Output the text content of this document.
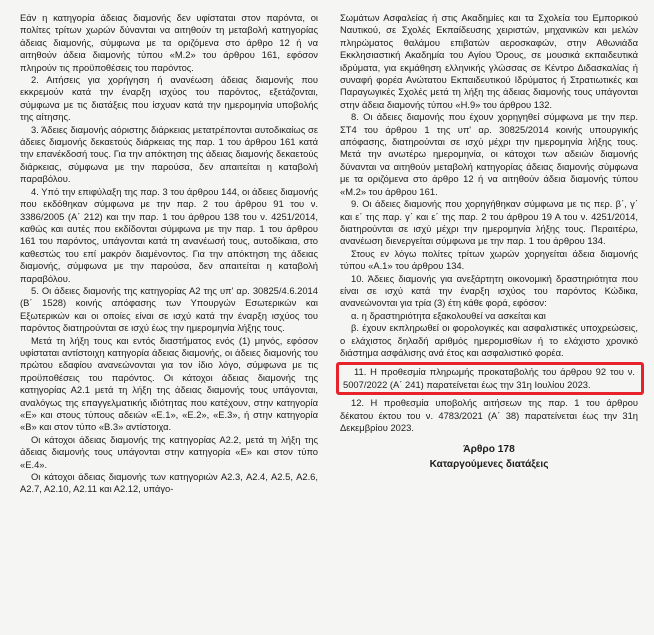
Εάν η κατηγορία άδειας διαμονής δεν υφίσταται στον παρόντα, οι πολίτες τρίτων χωρών δύνανται να αιτηθούν τη μεταβολή κατηγορίας άδειας διαμονής, σύμφωνα με τα οριζόμενα στο άρθρο 12 ή να αιτηθούν άδεια διαμονής τύπου «Μ.2» του άρθρου 161, εφόσον πληρούν τις προϋποθέσεις του παρόντος.

2. Αιτήσεις για χορήγηση ή ανανέωση άδειας διαμονής που εκκρεμούν κατά την έναρξη ισχύος του παρόντος, εξετάζονται, σύμφωνα με τις διατάξεις που ίσχυαν κατά την ημερομηνία υποβολής της αίτησης.

3. Άδειες διαμονής αόριστης διάρκειας μετατρέπονται αυτοδικαίως σε άδειες διαμονής δεκαετούς διάρκειας της παρ. 1 του άρθρου 161 κατά την επανέκδοσή τους. Για την απόκτηση της άδειας διαμονής δεκαετούς διάρκειας, σύμφωνα με την παρούσα, δεν απαιτείται η καταβολή παραβόλου.

4. Υπό την επιφύλαξη της παρ. 3 του άρθρου 144, οι άδειες διαμονής που εκδόθηκαν σύμφωνα με την παρ. 2 του άρθρου 91 του ν. 3386/2005 (Α΄ 212) και την παρ. 1 του άρθρου 138 του ν. 4251/2014, καθώς και αυτές που εκδίδονται σύμφωνα με την παρ. 1 του άρθρου 161 του παρόντος, υπάγονται κατά τη ανανέωσή τους, αυτοδίκαια, στο καθεστώς του επί μακρόν διαμένοντος. Για την απόκτηση της άδειας διαμονής, σύμφωνα με την παρούσα, δεν απαιτείται η καταβολή παραβόλου.

5. Οι άδειες διαμονής της κατηγορίας Α2 της υπ' αρ. 30825/4.6.2014 (Β΄ 1528) κοινής απόφασης των Υπουργών Εσωτερικών και Εξωτερικών και οι οποίες είναι σε ισχύ κατά την έναρξη ισχύος του παρόντος διατηρούνται σε ισχύ έως την ημερομηνία λήξης τους.

Μετά τη λήξη τους και εντός διαστήματος ενός (1) μηνός, εφόσον υφίσταται αντίστοιχη κατηγορία άδειας διαμονής, οι άδειες διαμονής του πρώτου εδαφίου ανανεώνονται για τον ίδιο λόγο, σύμφωνα με τις προϋποθέσεις του παρόντος. Οι κάτοχοι άδειας διαμονής της κατηγορίας Α2.1 μετά τη λήξη της άδειας διαμονής τους υπάγονται, αναλόγως της επαγγελματικής ιδιότητας που κατέχουν, στην κατηγορία «Ε» και στους τύπους αδειών «Ε.1», «Ε.2», «Ε.3», ή στην κατηγορία «Β» και στον τύπο «Β.3» αντίστοιχα.

Οι κάτοχοι άδειας διαμονής της κατηγορίας Α2.2, μετά τη λήξη της άδειας διαμονής τους υπάγονται στην κατηγορία «Ε» και στον τύπο «Ε.4».

Οι κάτοχοι άδειας διαμονής των κατηγοριών Α2.3, Α2.4, Α2.5, Α2.6, Α2.7, Α2.10, Α2.11 και Α2.12, υπάγο-

Σωμάτων Ασφαλείας ή στις Ακαδημίες και τα Σχολεία του Εμπορικού Ναυτικού, σε Σχολές Εκπαίδευσης χειριστών, μηχανικών και μελών πληρώματος θαλάμου επιβατών αεροσκαφών, στην Αθωνιάδα Εκκλησιαστική Ακαδημία του Αγίου Όρους, σε μουσικά εκπαιδευτικά ιδρύματα, για εκμάθηση ελληνικής γλώσσας σε Κέντρο Διδασκαλίας ή συναφή φορέα Ανώτατου Εκπαιδευτικού Ιδρύματος ή Στρατιωτικές και Παραγωγικές Σχολές μετά τη λήξη της άδειας διαμονής τους υπάγονται στην άδεια διαμονής τύπου «Η.9» του άρθρου 132.

8. Οι άδειες διαμονής που έχουν χορηγηθεί σύμφωνα με την περ. ΣΤ4 του άρθρου 1 της υπ' αρ. 30825/2014 κοινής υπουργικής απόφασης, διατηρούνται σε ισχύ μέχρι την ημερομηνία λήξης τους. Μετά την ανωτέρω ημερομηνία, οι κάτοχοι των αδειών διαμονής δύνανται να αιτηθούν μεταβολή κατηγορίας άδειας διαμονής σύμφωνα με τα οριζόμενα στο άρθρο 12 ή να αιτηθούν άδεια διαμονής τύπου «Μ.2» του άρθρου 161.

9. Οι άδειες διαμονής που χορηγήθηκαν σύμφωνα με τις περ. β΄, γ΄ και ε΄ της παρ. γ΄ και ε΄ της παρ. 2 του άρθρου 19 Α του ν. 4251/2014, διατηρούνται σε ισχύ μέχρι την ημερομηνία λήξης τους. Περαιτέρω, ανανέωση διενεργείται σύμφωνα με την παρ. 1 του άρθρου 134.

Στους εν λόγω πολίτες τρίτων χωρών χορηγείται άδεια διαμονής τύπου «Α.1» του άρθρου 134.

10. Άδειες διαμονής για ανεξάρτητη οικονομική δραστηριότητα που είναι σε ισχύ κατά την έναρξη ισχύος του παρόντος Κώδικα, ανανεώνονται για τρία (3) έτη κάθε φορά, εφόσον:

α. η δραστηριότητα εξακολουθεί να ασκείται και

β. έχουν εκπληρωθεί οι φορολογικές και ασφαλιστικές υποχρεώσεις, ο ελάχιστος δηλαδή αριθμός ημερομισθίων ή το ελάχιστο χρονικό διάστημα ασφάλισης ανά έτος και ασφαλιστικό φορέα.

11. Η προθεσμία πληρωμής προκαταβολής του άρθρου 92 του ν. 5007/2022 (Α΄ 241) παρατείνεται έως την 31η Ιουλίου 2023.

12. Η προθεσμία υποβολής αιτήσεων της παρ. 1 του άρθρου δέκατου έκτου του ν. 4783/2021 (Α΄ 38) παρατείνεται έως την 31η Δεκεμβρίου 2023.

Άρθρο 178

Καταργούμενες διατάξεις
